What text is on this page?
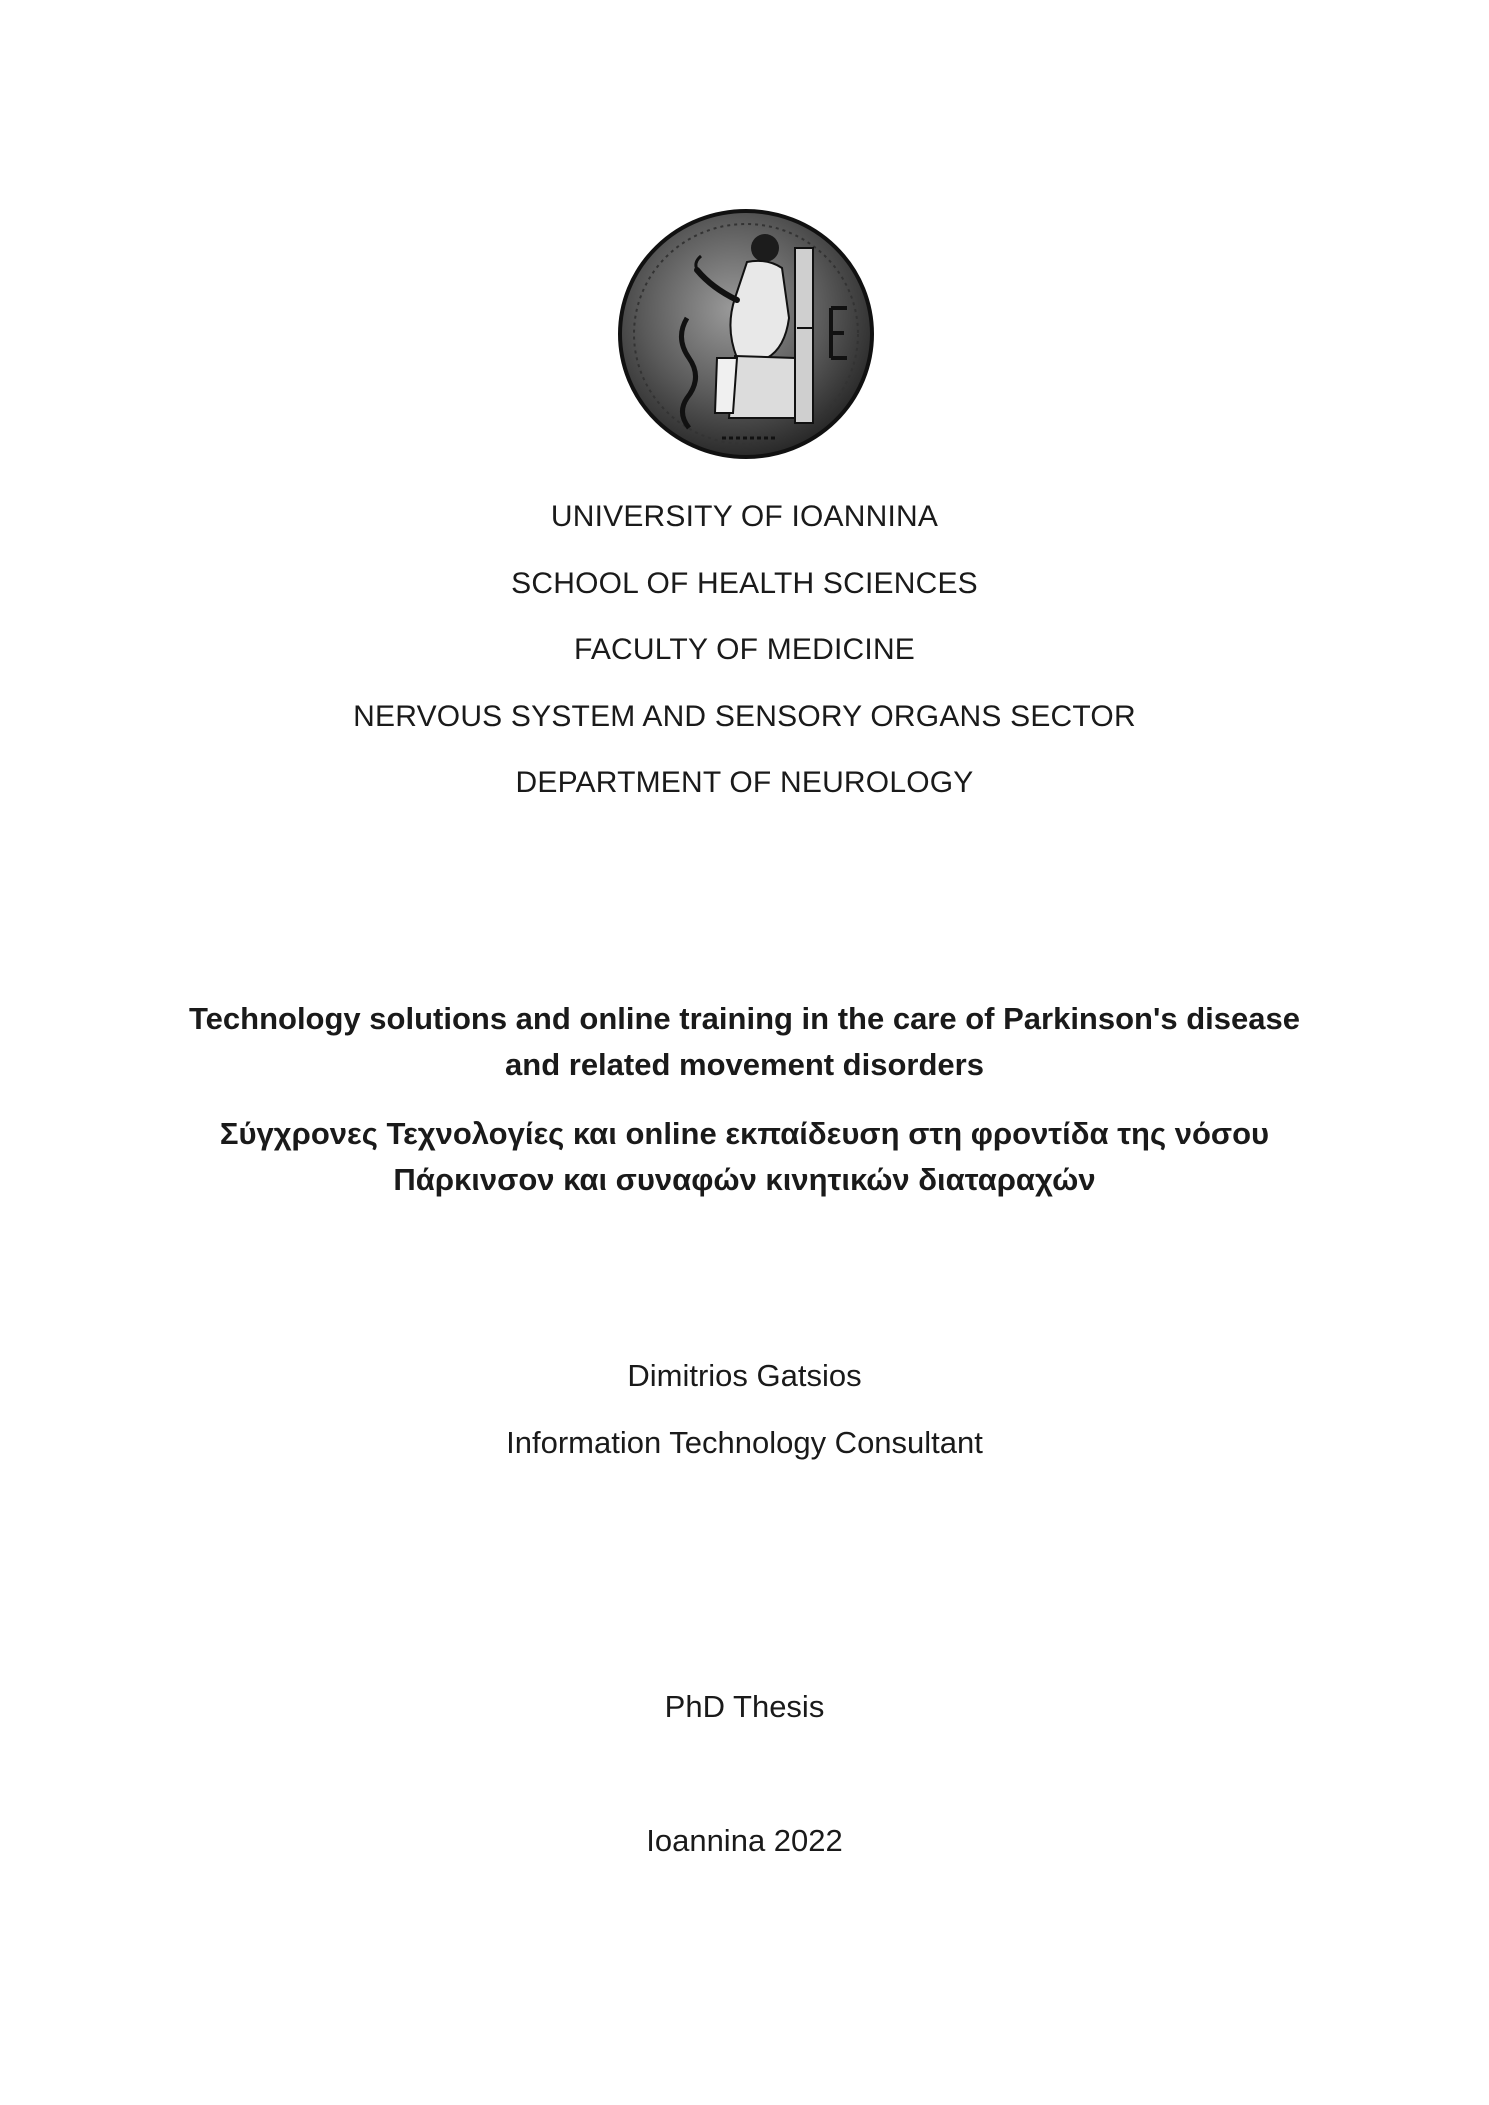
UNIVERSITY OF IOANNINA

SCHOOL OF HEALTH SCIENCES

FACULTY OF MEDICINE

NERVOUS SYSTEM AND SENSORY ORGANS SECTOR

DEPARTMENT OF NEUROLOGY

Technology solutions and online training in the care of Parkinson's disease
and related movement disorders
Σύγχρονες Τεχνολογίες και online εκπαίδευση στη φροντίδα της νόσου
Πάρκινσον και συναφών κινητικών διαταραχών

Dimitrios Gatsios

Information Technology Consultant

PhD Thesis
Ioannina 2022
